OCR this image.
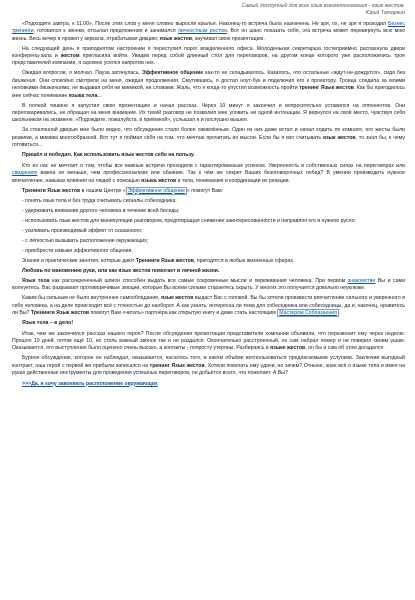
Самый доступный для всех язык взаимопонимания - язык жестов.
Юрий Татаркин

«Подходите завтра, к 11.00». После этих слов у меня словно выросли крылья. Наконец-то встреча была назначена. Не зря, ох, не зря я проходил Бизнес тренинги, готовился к звонки, отсылал предложения и занимался личностным ростом. Вот он шанс показать себя, эта встреча может перевернуть всю мою жизнь. Весь вечер я провел у зеркала, отрабатывая дикцию, язык жестов, заучивал свою презентацию.

На следующий день я приподнятом настроении я переступил порог вожделенного офиса. Молоденькая секретарша гостеприимно распахнула двери конференц-зала и жестом пригласила войти. Увидев перед собой длинный стол для переговоров, на другом конце которого уже расположились трое представителей компании, я скромно уселся напротив них.

Ожидая вопросов, я молчал. Пауза затянулась. Эффективное общение как-то не складывалось. Казалось, что остальные «ждут-не-дождутся», сидя без движения. Они спокойно смотрели на меня, ожидая продолжения. Смутившись, я достал ноут-бук и подключил его к проектору. Троица следила за моими неловкими движениями, не выдавая себя ни мимикой, ни словами. Жаль, что я когда-то упустил возможность пройти тренинг Язык жестов. Как бы пригодилось мне сейчас понимание языка тела...

В полной тишине я запустил свою презентацию и начал рассказ. Через 10 минут я закончил и вопросительно уставился на оппонентов. Они переговаривались, не обращая на меня внимание. Их тихий разговор не позволил мне уловить ни одной интонации. Я вернулся на своё место, чувствуя себя школьником на экзамене. «Подождите, пожалуйста, в приёмной», услышал я и послушно вышел.

За стеклянной дверью мне было видно, что обсуждение стало более оживлённым. Один из них даже встал и начал ходить по комнате, его жесты были резкими, а мимика многообразной. Вот тут я поймал себя на том, что мечтаю прочитать их мысли. Если бы я мог считывать язык жестов, то знал бы, к чему готовиться...

Пришёл и победил. Как использовать язык жестов себе на пользу.

Кто из нас не мечтает о том, чтобы все важные встречи проходили с гарантированным успехом. Уверенность в собственных силах на переговорах или свиданиях важна не меньше, чем профессионализм или обаяние. Так к чём же секрет Ваших безоговорочных побед? В умении производить нужное впечатление, навыках влияния на людей с помощью языка жестов и тела, пониманию и координации их реакции.

Тренинги Язык жестов в нашем Центре « Эффективное общение » помогут Вам:

- понять язык тела и без труда считывать сигналы собеседника;
- удерживать внимание другого человека в течение всей беседы;
- использовать язык жестов для манипуляции разговором, предотвращая снижение заинтересованности и направляя его в нужное русло;
- усиливать производимый эффект от сказанного;
- с лёгкостью вызывать расположение окружающих;
- приобрести навыки эффективного общения.

Знания и практические занятия, которые дают Тренинги Язык жестов, пригодятся в любых жизненных сферах.

Любовь по мановению руки, или как язык жестов помогает в личной жизни.

Язык тела как рассекреченный шпион способен выдать все самые сокровенные мысли и переживания человека. При первом знакомстве Вы и сами волнуетесь. Вас разрывают противоречивые эмоции, которые Вы всеми силами стараетесь скрыть. У многих это получается довольно неуклюже.

Каким бы сильным не было внутреннее самообладание, язык жестов выдаст Вас с головой. Вы бы хотели произвести впечатление сильного и уверенного в себе человека, а на деле происходит всё с точностью до наоборот. А как узнать, интересна ли тема для собеседника или собеседницы, да и, наконец, нравитесь ли Вы? Тренинги Язык жестов помогут Вам «читать» партнёра как открытую книгу и даже стать настоящим Мастером Соблазнения .

Язык тела – в дело!

Итак, чем же закончился рассказ нашего героя? После обсуждения презентации представители компании объявили, что перезвонит ему через неделю. Прошло 10 дней, потом ещё 10, но столь важный звонок так и не раздался. Окончательно расстроенный, он сам набрал номер и не поверил своим ушам. Оказывается, его выступление было оценено очень высоко, а контакты - попросту утеряны. Разбираясь в языке жестов, он бы и сам об этом догадался.

Бурное обсуждение, которое он наблюдал, оказывается, касалось того, в каком объёме воспользоваться предлагаемыми услугами. Заключив выгодный контракт, наш герой с первой же прибыли записался на тренинг Язык жестов. Хотели помогать ему удачи, но зачем? Отныне, зная всё о языке тела и имея на руках действенные инструменты для проведения успешных переговоров, он добьётся всего, что пожелает. А Вы?

>>>Да, я хочу завоевать расположение окружающих
